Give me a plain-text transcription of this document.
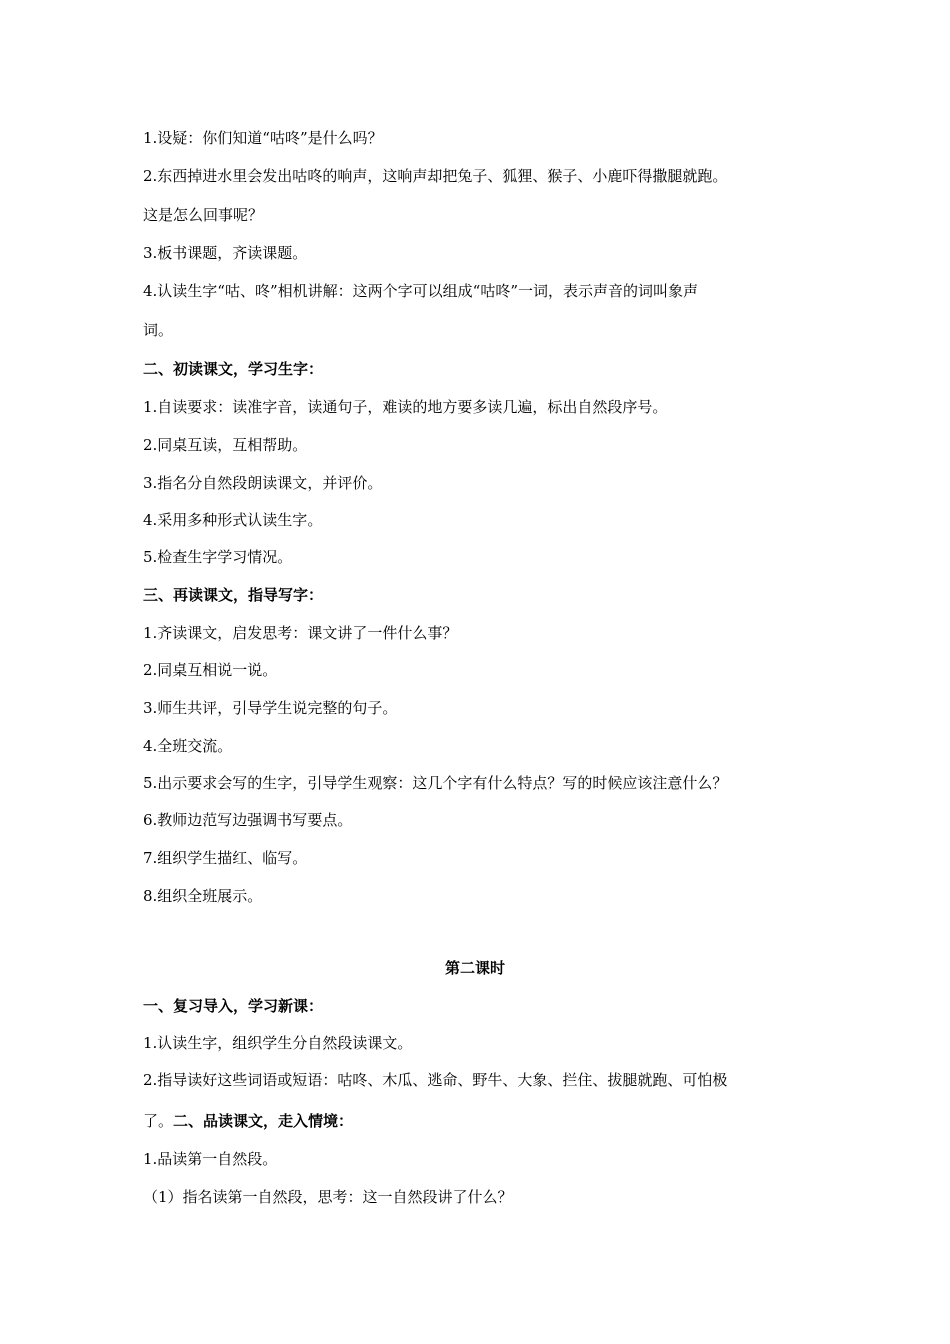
1.设疑：你们知道“咕咚”是什么吗？
2.东西掉进水里会发出咕咚的响声，这响声却把兔子、狐狸、猴子、小鹿吓得撒腿就跑。
这是怎么回事呢？
3.板书课题，齐读课题。
4.认读生字“咕、咚”相机讲解：这两个字可以组成“咕咚”一词，表示声音的词叫象声
词。
二、初读课文，学习生字：
1.自读要求：读准字音，读通句子，难读的地方要多读几遍，标出自然段序号。
2.同桌互读，互相帮助。
3.指名分自然段朗读课文，并评价。
4.采用多种形式认读生字。
5.检查生字学习情况。
三、再读课文，指导写字：
1.齐读课文，启发思考：课文讲了一件什么事？
2.同桌互相说一说。
3.师生共评，引导学生说完整的句子。
4.全班交流。
5.出示要求会写的生字，引导学生观察：这几个字有什么特点？写的时候应该注意什么？
6.教师边范写边强调书写要点。
7.组织学生描红、临写。
8.组织全班展示。
第二课时
一、复习导入，学习新课：
1.认读生字，组织学生分自然段读课文。
2.指导读好这些词语或短语：咕咚、木瓜、逃命、野牛、大象、拦住、拔腿就跑、可怕极
了。二、品读课文，走入情境：
1.品读第一自然段。
（1）指名读第一自然段，思考：这一自然段讲了什么？
